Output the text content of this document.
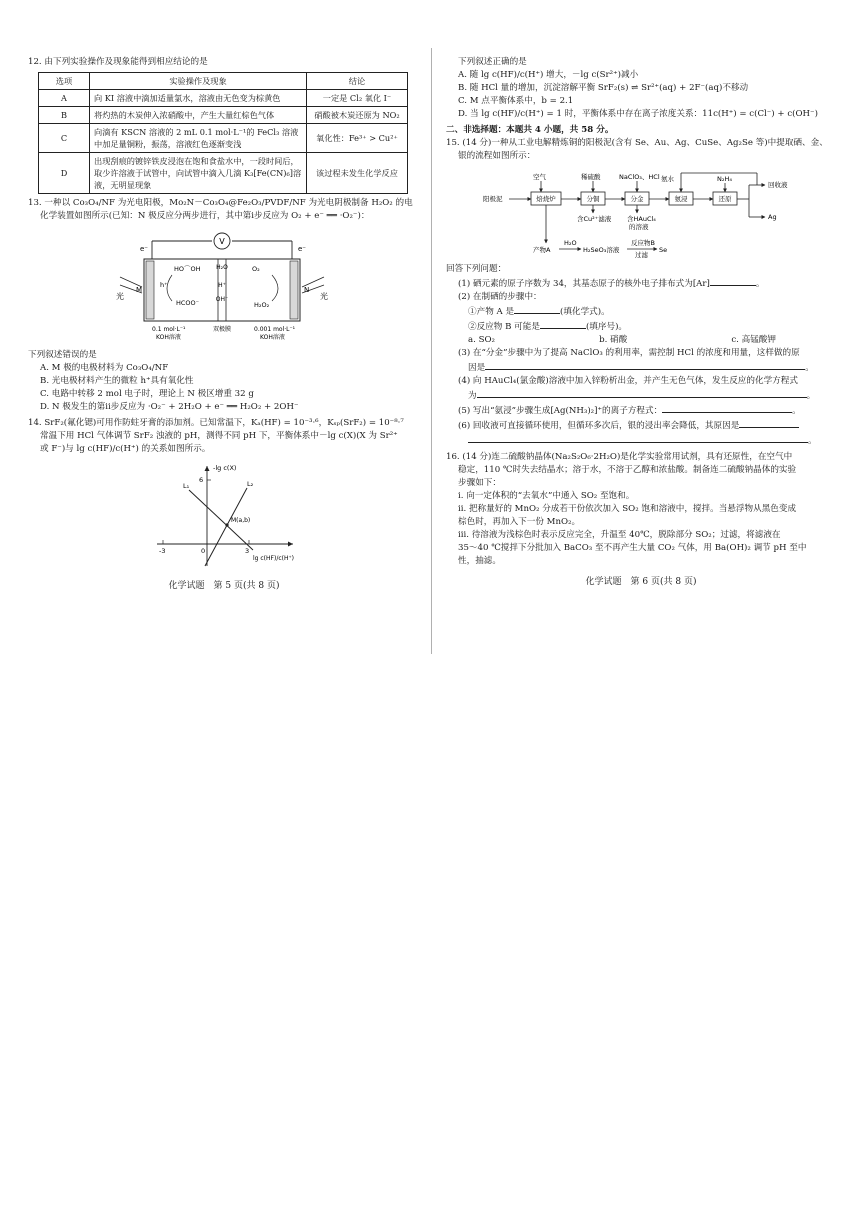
12. 由下列实验操作及现象能得到相应结论的是

选项	实验操作及现象	结论
A	向 KI 溶液中滴加适量氯水，溶液由无色变为棕黄色	一定是 Cl₂ 氧化 I⁻
B	将灼热的木炭伸入浓硝酸中，产生大量红棕色气体	硝酸被木炭还原为 NO₂
C	向滴有 KSCN 溶液的 2 mL 0.1 mol·L⁻¹的 FeCl₃ 溶液中加足量铜粉，振荡，溶液红色逐渐变浅	氧化性：Fe³⁺ > Cu²⁺
D	出现刮痕的镀锌铁皮浸泡在饱和食盐水中，一段时间后，取少许溶液于试管中，向试管中滴入几滴 K₃[Fe(CN)₆]溶液，无明显现象	该过程未发生化学反应

13. 一种以 Co₃O₄/NF 为光电阳极，Mo₂N－Co₃O₄@Fe₂O₃/PVDF/NF 为光电阴极制备 H₂O₂ 的电

化学装置如图所示(已知：N 极反应分两步进行，其中第ⅰ步反应为 O₂ + e⁻ ══ ·O₂⁻)：

V
e⁻	e⁻
光	光
M	N
h⁺
HO⌒OH
HCOO⁻
H₂O
H⁺
OH⁻
O₂
H₂O₂
0.1 mol·L⁻¹
KOH溶液
双极膜	0.001 mol·L⁻¹
KOH溶液

下列叙述错误的是

A. M 极的电极材料为 Co₃O₄/NF

B. 光电极材料产生的微粒 h⁺具有氧化性

C. 电路中转移 2 mol 电子时，理论上 N 极区增重 32 g

D. N 极发生的第ⅱ步反应为 ·O₂⁻ + 2H₂O + e⁻ ══ H₂O₂ + 2OH⁻

14. SrF₂(氟化锶)可用作防蛀牙膏的添加剂。已知常温下，Kₐ(HF) = 10⁻³·⁶，Kₛₚ(SrF₂) = 10⁻⁸·⁷

常温下用 HCl 气体调节 SrF₂ 浊液的 pH，测得不同 pH 下，平衡体系中－lg c(X)(X 为 Sr²⁺

或 F⁻)与 lg c(HF)/c(H⁺) 的关系如图所示。

-lg c(X)
lg c(HF)/c(H⁺)
-3	0	3
6
L₁	L₂
M(a,b)

化学试题　第 5 页(共 8 页)

下列叙述正确的是

A. 随 lg c(HF)/c(H⁺) 增大，－lg c(Sr²⁺)减小

B. 随 HCl 量的增加，沉淀溶解平衡 SrF₂(s) ⇌ Sr²⁺(aq) + 2F⁻(aq)不移动

C. M 点平衡体系中，b = 2.1

D. 当 lg c(HF)/c(H⁺) = 1 时，平衡体系中存在离子浓度关系：11c(H⁺) = c(Cl⁻) + c(OH⁻)

二、非选择题：本题共 4 小题，共 58 分。

15. (14 分)一种从工业电解精炼铜的阳极泥(含有 Se、Au、Ag、CuSe、Ag₂Se 等)中提取硒、金、

银的流程如图所示：

阳极泥	焙烧炉	分铜	分金	氨浸	还原
回收液
Ag
空气	稀硫酸	NaClO₃、HCl 氨水	N₂H₄
含Cu²⁺滤液 含HAuCl₄
的溶液
产物A
H₂O
H₂SeO₃溶液
反应物B
过滤
Se

回答下列问题：

(1) 硒元素的原子序数为 34，其基态原子的核外电子排布式为[Ar]	。

(2) 在制硒的步骤中：

①产物 A 是	(填化学式)。

②反应物 B 可能是	(填序号)。

a. SO₂	b. 硝酸	c. 高锰酸钾

(3) 在“分金”步骤中为了提高 NaClO₃ 的利用率，需控制 HCl 的浓度和用量，这样做的原

因是	。

(4) 向 HAuCl₄(氯金酸)溶液中加入锌粉析出金，并产生无色气体，发生反应的化学方程式

为	。

(5) 写出“氨浸”步骤生成[Ag(NH₃)₂]⁺的离子方程式：	。

(6) 回收液可直接循环使用，但循环多次后，银的浸出率会降低，其原因是

。

16. (14 分)连二硫酸钠晶体(Na₂S₂O₆·2H₂O)是化学实验常用试剂，具有还原性，在空气中

稳定，110 ℃时失去结晶水；溶于水，不溶于乙醇和浓盐酸。制备连二硫酸钠晶体的实验

步骤如下：

ⅰ. 向一定体积的“去氧水”中通入 SO₂ 至饱和。

ⅱ. 把称量好的 MnO₂ 分成若干份依次加入 SO₂ 饱和溶液中，搅拌。当悬浮物从黑色变成

棕色时，再加入下一份 MnO₂。

ⅲ. 待溶液为浅棕色时表示反应完全，升温至 40℃，脱除部分 SO₂；过滤，将滤液在

35～40 ℃搅拌下分批加入 BaCO₃ 至不再产生大量 CO₂ 气体，用 Ba(OH)₂ 调节 pH 至中

性，抽滤。

化学试题　第 6 页(共 8 页)
